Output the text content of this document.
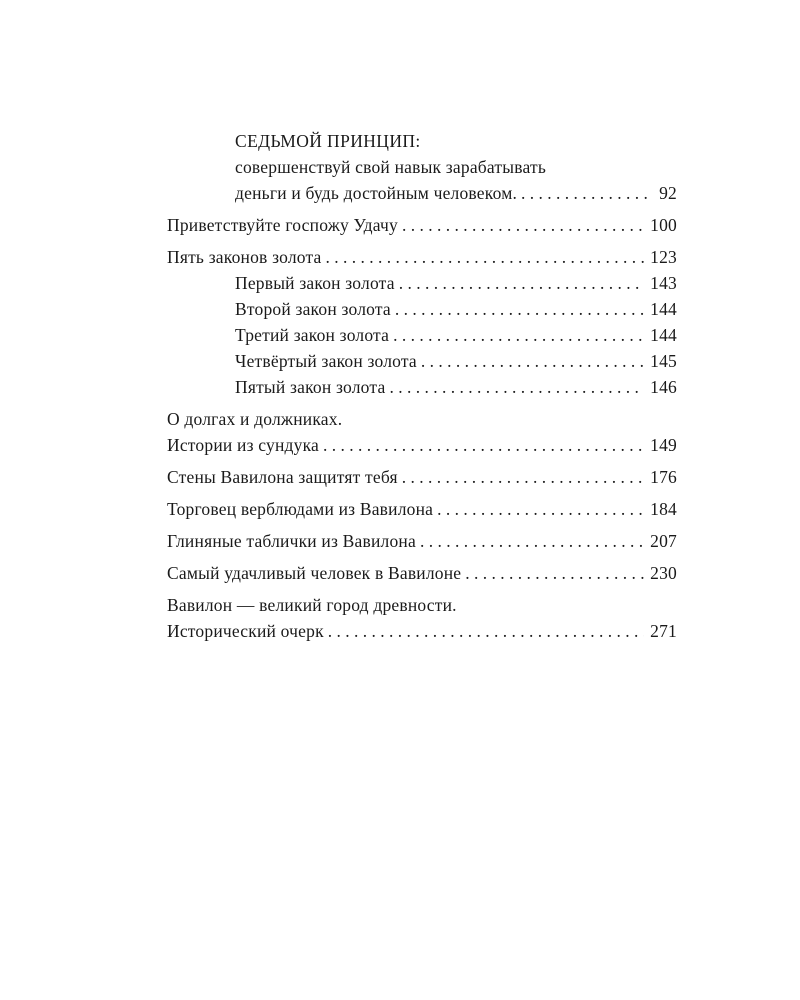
СЕДЬМОЙ ПРИНЦИП:
совершенствуй свой навык зарабатывать
деньги и будь достойным человеком. . . .	92
Приветствуйте госпожу Удачу . . .	100
Пять законов золота . . .	123
Первый закон золота . . .	143
Второй закон золота . . .	144
Третий закон золота . . .	144
Четвёртый закон золота . . .	145
Пятый закон золота . . .	146
О долгах и должниках.
Истории из сундука . . .	149
Стены Вавилона защитят тебя . . .	176
Торговец верблюдами из Вавилона . . .	184
Глиняные таблички из Вавилона . . .	207
Самый удачливый человек в Вавилоне . . .	230
Вавилон — великий город древности.
Исторический очерк . . .	271
